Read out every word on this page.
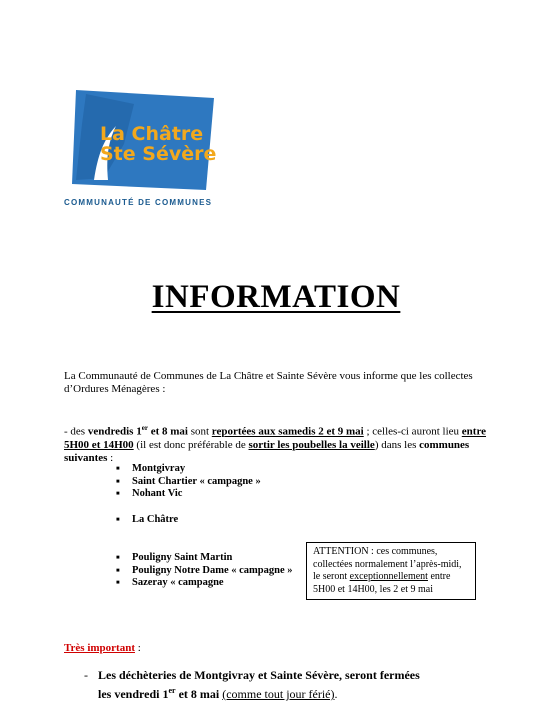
La Châtre
Ste Sévère
COMMUNAUTÉ DE COMMUNES
INFORMATION
La Communauté de Communes de La Châtre et Sainte Sévère vous informe que les collectes d’Ordures Ménagères :
- des vendredis 1er et 8 mai sont reportées aux samedis 2 et 9 mai ; celles-ci auront lieu entre 5H00 et 14H00 (il est donc préférable de sortir les poubelles la veille) dans les communes suivantes :
■ Montgivray
■ Saint Chartier « campagne »
■ Nohant Vic
■ La Châtre
■ Pouligny Saint Martin
■ Pouligny Notre Dame « campagne »
■ Sazeray « campagne
ATTENTION : ces communes, collectées normalement l’après-midi, le seront exceptionnellement entre 5H00 et 14H00, les 2 et 9 mai
Très important :
- Les déchèteries de Montgivray et Sainte Sévère, seront fermées
les vendredi 1er et 8 mai (comme tout jour férié).
